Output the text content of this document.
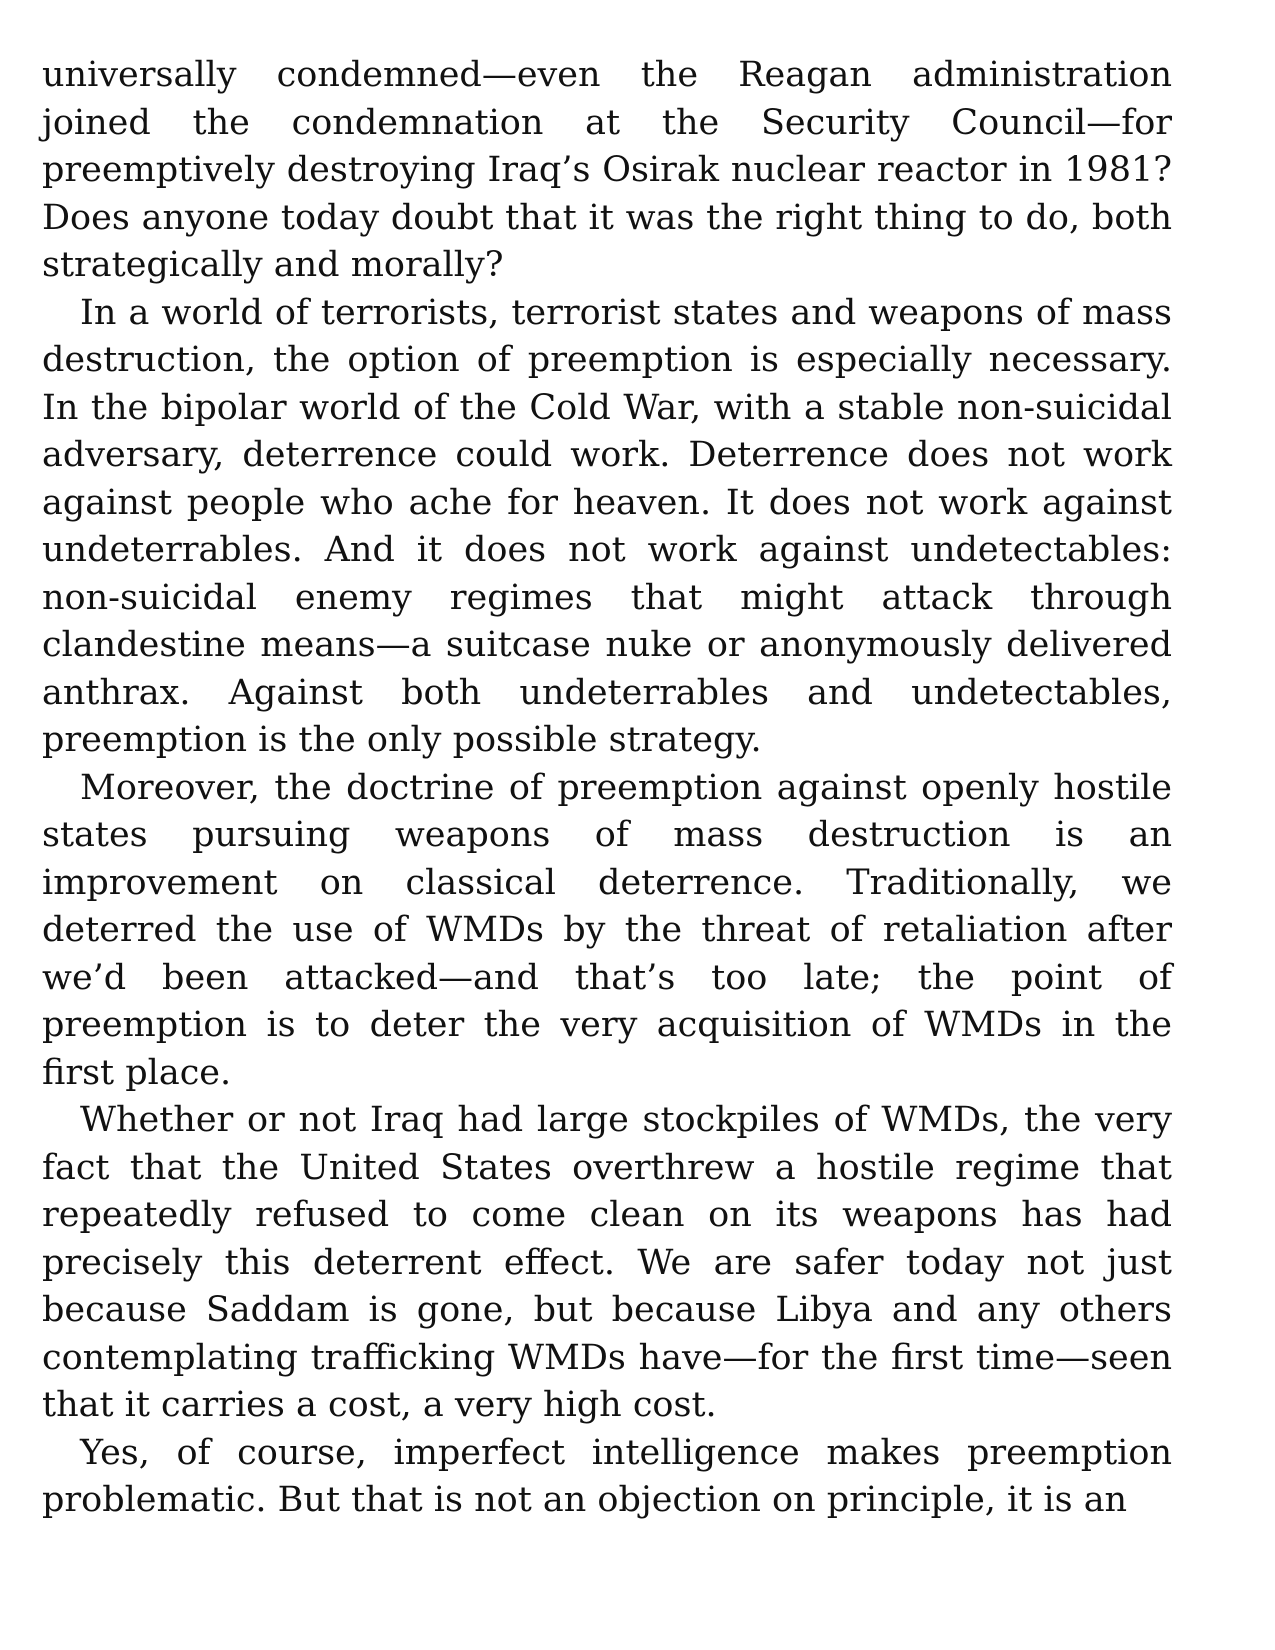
universally condemned—even the Reagan administration joined the condemnation at the Security Council—for preemptively destroying Iraq’s Osirak nuclear reactor in 1981? Does anyone today doubt that it was the right thing to do, both strategically and morally?

In a world of terrorists, terrorist states and weapons of mass destruction, the option of preemption is especially necessary. In the bipolar world of the Cold War, with a stable non-suicidal adversary, deterrence could work. Deterrence does not work against people who ache for heaven. It does not work against undeterrables. And it does not work against undetectables: non-suicidal enemy regimes that might attack through clandestine means—a suitcase nuke or anonymously delivered anthrax. Against both undeterrables and undetectables, preemption is the only possible strategy.

Moreover, the doctrine of preemption against openly hostile states pursuing weapons of mass destruction is an improvement on classical deterrence. Traditionally, we deterred the use of WMDs by the threat of retaliation after we’d been attacked—and that’s too late; the point of preemption is to deter the very acquisition of WMDs in the first place.

Whether or not Iraq had large stockpiles of WMDs, the very fact that the United States overthrew a hostile regime that repeatedly refused to come clean on its weapons has had precisely this deterrent effect. We are safer today not just because Saddam is gone, but because Libya and any others contemplating trafficking WMDs have—for the first time—seen that it carries a cost, a very high cost.

Yes, of course, imperfect intelligence makes preemption problematic. But that is not an objection on principle, it is an
